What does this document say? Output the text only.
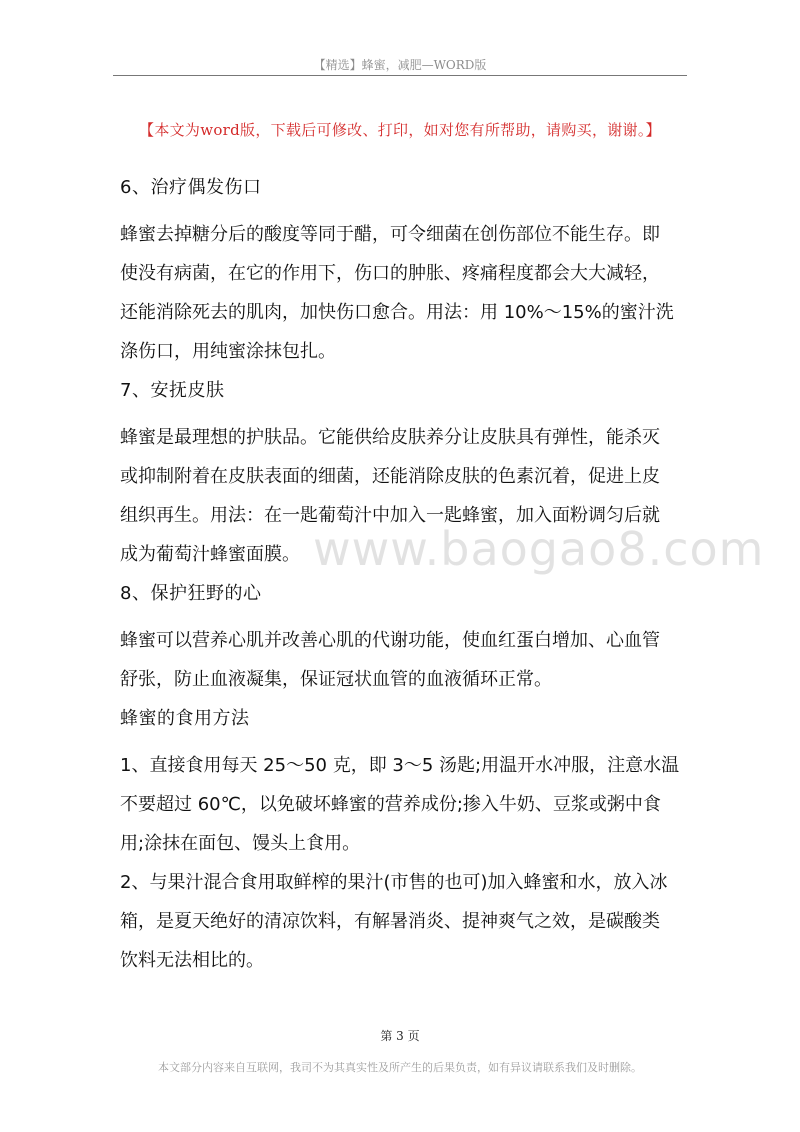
【精选】蜂蜜，减肥—WORD版
【本文为word版，下载后可修改、打印，如对您有所帮助，请购买，谢谢。】
6、治疗偶发伤口
蜂蜜去掉糖分后的酸度等同于醋，可令细菌在创伤部位不能生存。即
使没有病菌，在它的作用下，伤口的肿胀、疼痛程度都会大大减轻，
还能消除死去的肌肉，加快伤口愈合。用法：用 10%～15%的蜜汁洗
涤伤口，用纯蜜涂抹包扎。
7、安抚皮肤
蜂蜜是最理想的护肤品。它能供给皮肤养分让皮肤具有弹性，能杀灭
或抑制附着在皮肤表面的细菌，还能消除皮肤的色素沉着，促进上皮
组织再生。用法：在一匙葡萄汁中加入一匙蜂蜜，加入面粉调匀后就
成为葡萄汁蜂蜜面膜。
8、保护狂野的心
蜂蜜可以营养心肌并改善心肌的代谢功能，使血红蛋白增加、心血管
舒张，防止血液凝集，保证冠状血管的血液循环正常。
蜂蜜的食用方法
1、直接食用每天 25～50 克，即 3～5 汤匙;用温开水冲服，注意水温
不要超过 60℃，以免破坏蜂蜜的营养成份;掺入牛奶、豆浆或粥中食
用;涂抹在面包、馒头上食用。
2、与果汁混合食用取鲜榨的果汁(市售的也可)加入蜂蜜和水，放入冰
箱，是夏天绝好的清凉饮料，有解暑消炎、提神爽气之效，是碳酸类
饮料无法相比的。
www.baogao8.com
第 3 页
本文部分内容来自互联网，我司不为其真实性及所产生的后果负责，如有异议请联系我们及时删除。
